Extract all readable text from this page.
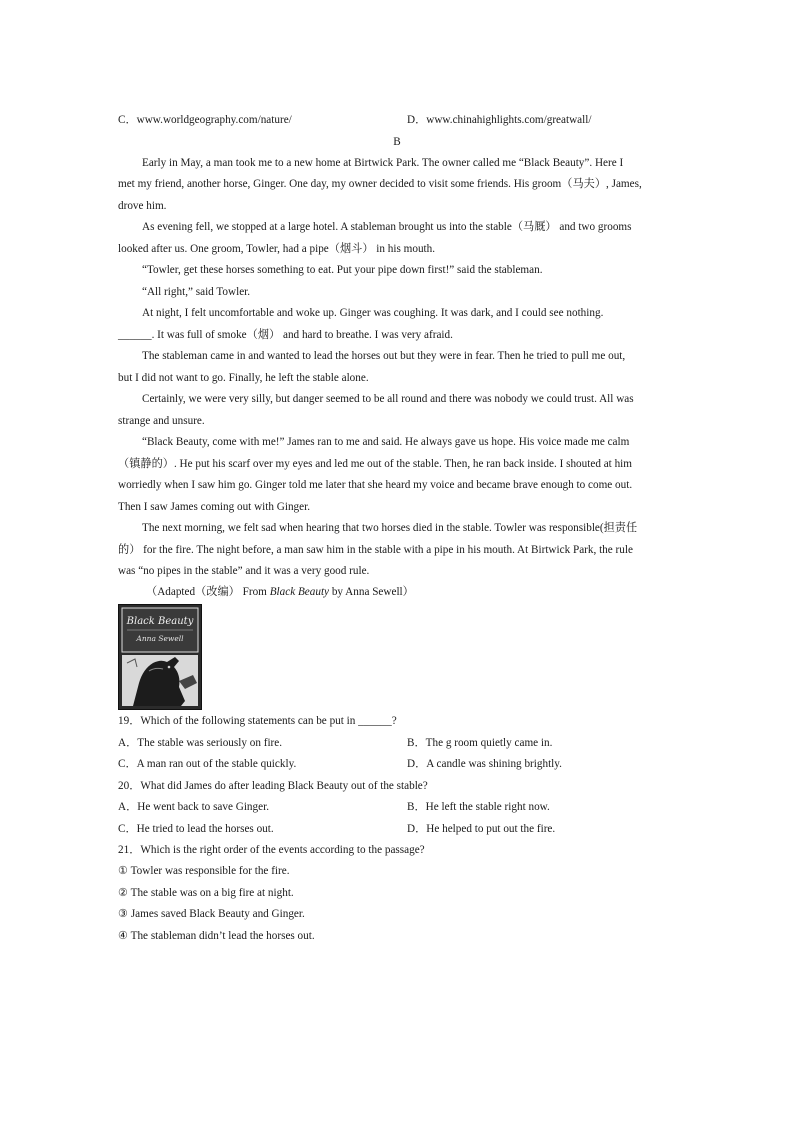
C．www.worldgeography.com/nature/	D．www.chinahighlights.com/greatwall/
B
Early in May, a man took me to a new home at Birtwick Park. The owner called me “Black Beauty”. Here I
met my friend, another horse, Ginger. One day, my owner decided to visit some friends. His groom（马夫）, James,
drove him.
As evening fell, we stopped at a large hotel. A stableman brought us into the stable（马厩） and two grooms
looked after us. One groom, Towler, had a pipe（烟斗） in his mouth.
“Towler, get these horses something to eat. Put your pipe down first!” said the stableman.
“All right,” said Towler.
At night, I felt uncomfortable and woke up. Ginger was coughing. It was dark, and I could see nothing.
______. It was full of smoke（烟） and hard to breathe. I was very afraid.
The stableman came in and wanted to lead the horses out but they were in fear. Then he tried to pull me out,
but I did not want to go. Finally, he left the stable alone.
Certainly, we were very silly, but danger seemed to be all round and there was nobody we could trust. All was
strange and unsure.
“Black Beauty, come with me!” James ran to me and said. He always gave us hope. His voice made me calm
（镇静的）. He put his scarf over my eyes and led me out of the stable. Then, he ran back inside. I shouted at him
worriedly when I saw him go. Ginger told me later that she heard my voice and became brave enough to come out.
Then I saw James coming out with Ginger.
The next morning, we felt sad when hearing that two horses died in the stable. Towler was responsible(担责任
的） for the fire. The night before, a man saw him in the stable with a pipe in his mouth. At Birtwick Park, the rule
was “no pipes in the stable” and it was a very good rule.
（Adapted（改编） From Black Beauty by Anna Sewell）
Black Beauty
Anna Sewell
19．Which of the following statements can be put in ______?
A．The stable was seriously on fire.	B．The g room quietly came in.
C．A man ran out of the stable quickly.	D．A candle was shining brightly.
20．What did James do after leading Black Beauty out of the stable?
A．He went back to save Ginger.	B．He left the stable right now.
C．He tried to lead the horses out.	D．He helped to put out the fire.
21．Which is the right order of the events according to the passage?
① Towler was responsible for the fire.
② The stable was on a big fire at night.
③ James saved Black Beauty and Ginger.
④ The stableman didn’t lead the horses out.
